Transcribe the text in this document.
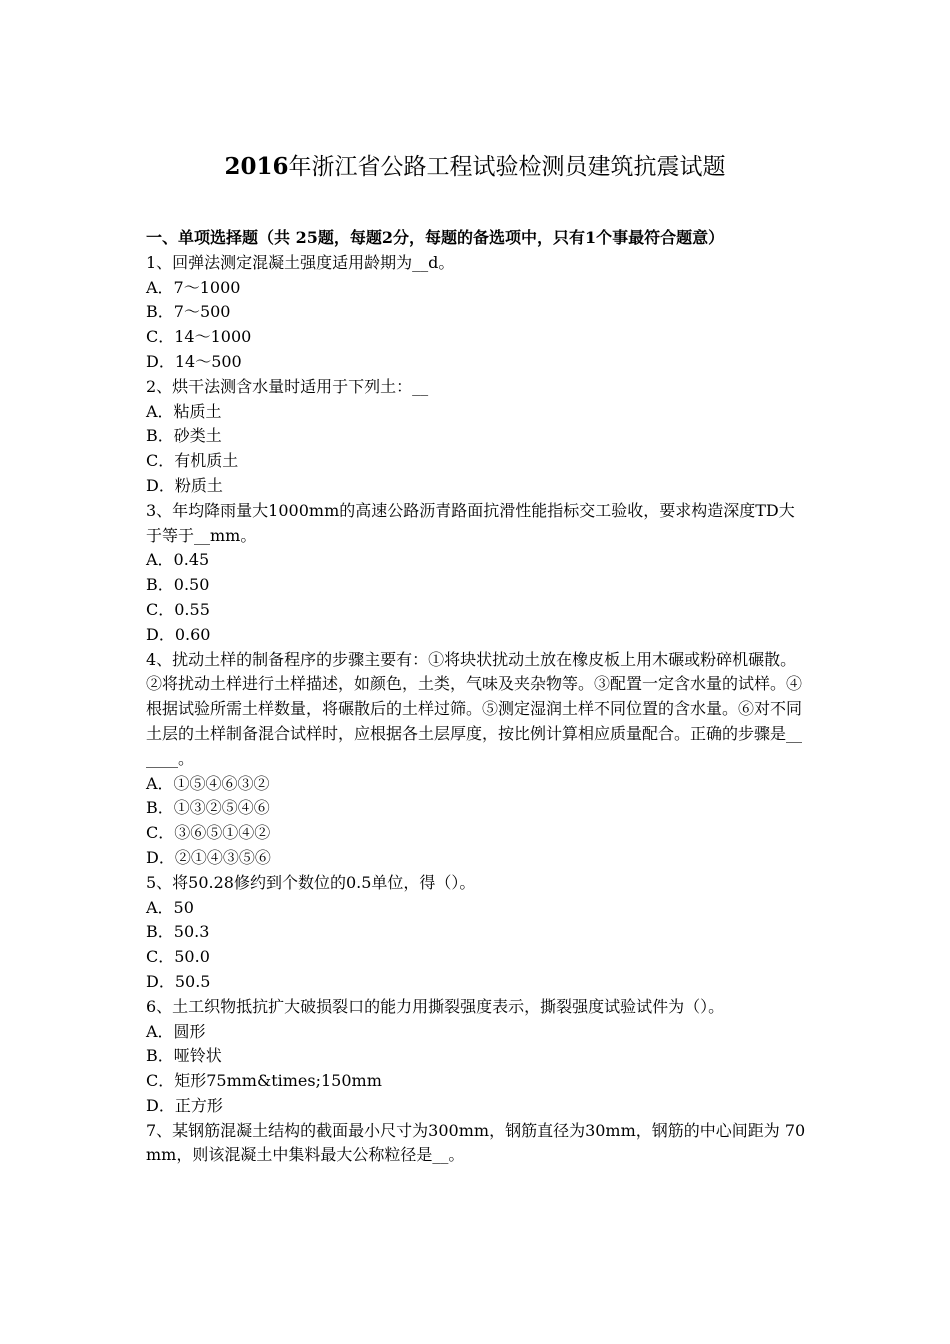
2016年浙江省公路工程试验检测员建筑抗震试题

一、单项选择题（共 25题，每题2分，每题的备选项中，只有1个事最符合题意）

1、回弹法测定混凝土强度适用龄期为__d。

A．7～1000

B．7～500

C．14～1000

D．14～500

2、烘干法测含水量时适用于下列土：__

A．粘质土

B．砂类土

C．有机质土

D．粉质土

3、年均降雨量大1000mm的高速公路沥青路面抗滑性能指标交工验收，要求构造深度TD大于等于__mm。

A．0.45

B．0.50

C．0.55

D．0.60

4、扰动土样的制备程序的步骤主要有：①将块状扰动土放在橡皮板上用木碾或粉碎机碾散。②将扰动土样进行土样描述，如颜色，土类，气味及夹杂物等。③配置一定含水量的试样。④根据试验所需土样数量，将碾散后的土样过筛。⑤测定湿润土样不同位置的含水量。⑥对不同土层的土样制备混合试样时，应根据各土层厚度，按比例计算相应质量配合。正确的步骤是______。

A．①⑤④⑥③②

B．①③②⑤④⑥

C．③⑥⑤①④②

D．②①④③⑤⑥

5、将50.28修约到个数位的0.5单位，得（）。

A．50

B．50.3

C．50.0

D．50.5

6、土工织物抵抗扩大破损裂口的能力用撕裂强度表示，撕裂强度试验试件为（）。

A．圆形

B．哑铃状

C．矩形75mm&times;150mm

D．正方形

7、某钢筋混凝土结构的截面最小尺寸为300mm，钢筋直径为30mm，钢筋的中心间距为 70mm，则该混凝土中集料最大公称粒径是__。
